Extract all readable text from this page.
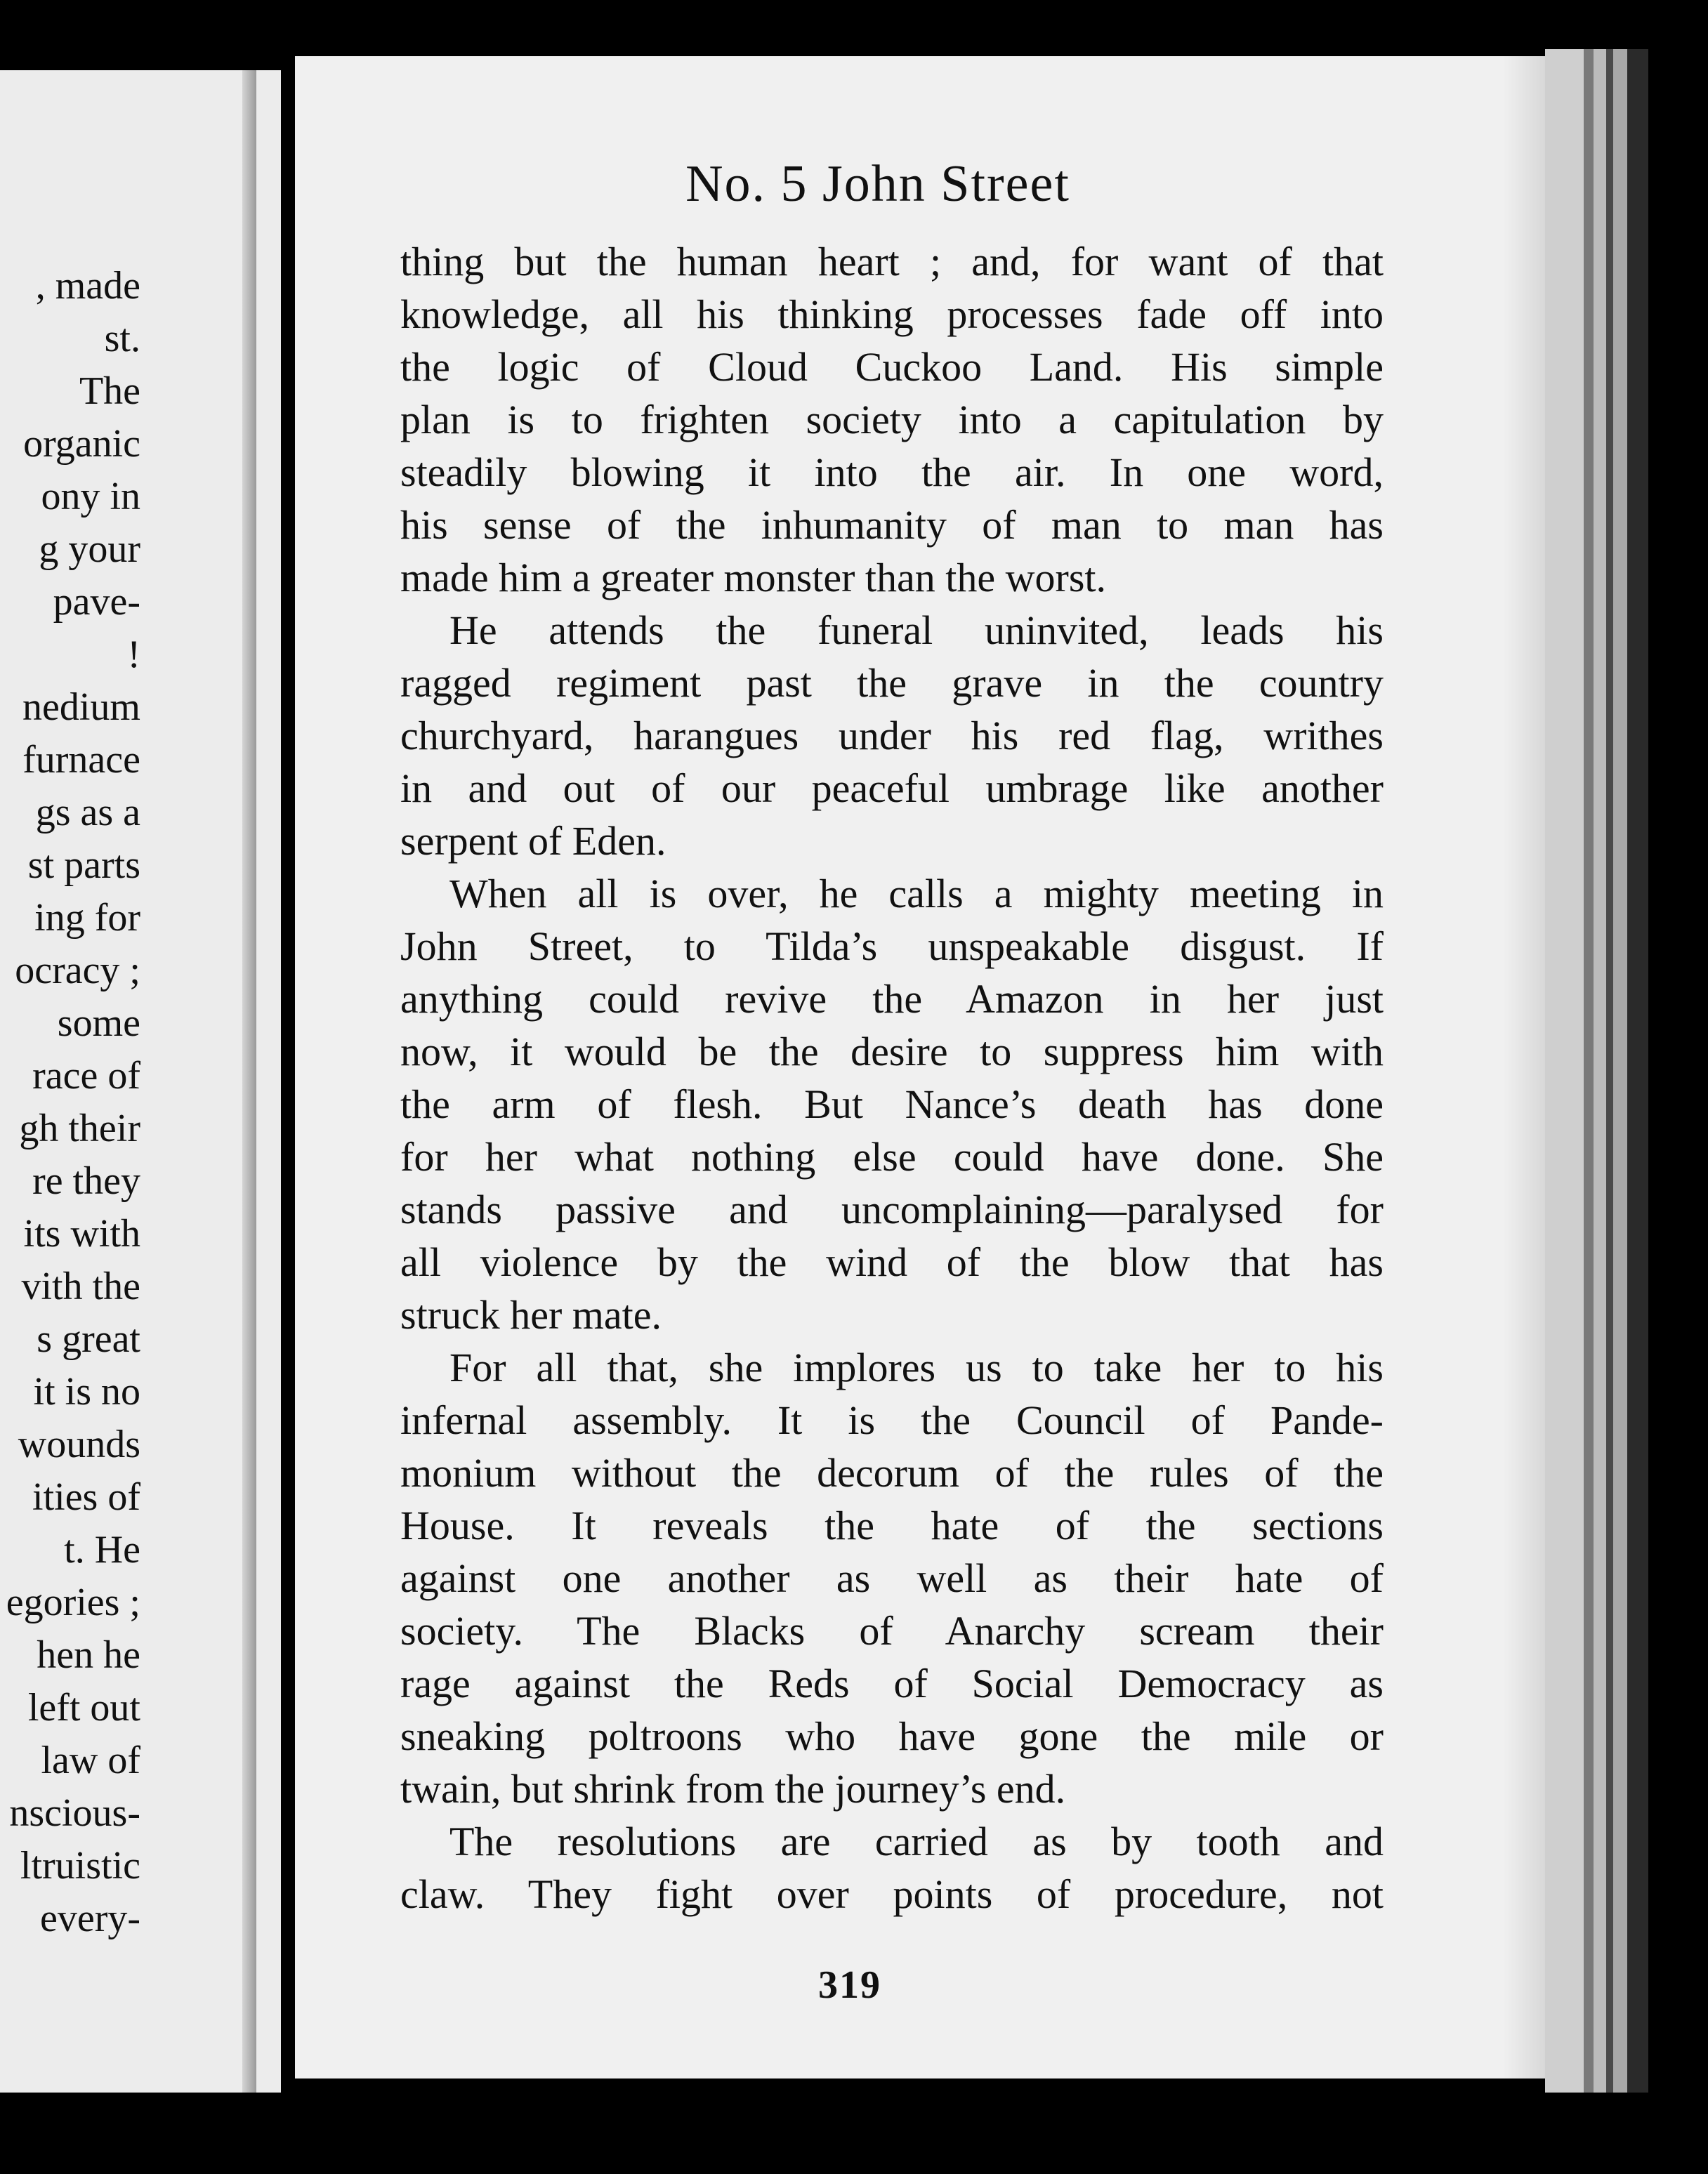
, made
st.
The
organic
ony in
g your
pave-
!
nedium
furnace
gs as a
st parts
ing for
ocracy ;
some
race of
gh their
re they
its with
vith the
s great
it is no
wounds
ities of
t. He
egories ;
hen he
left out
law of
nscious-
ltruistic
every-
No. 5 John Street
thing but the human heart ; and, for want of that
knowledge, all his thinking processes fade off into
the logic of Cloud Cuckoo Land. His simple
plan is to frighten society into a capitulation by
steadily blowing it into the air. In one word,
his sense of the inhumanity of man to man has
made him a greater monster than the worst.
He attends the funeral uninvited, leads his
ragged regiment past the grave in the country
churchyard, harangues under his red flag, writhes
in and out of our peaceful umbrage like another
serpent of Eden.
When all is over, he calls a mighty meeting in
John Street, to Tilda’s unspeakable disgust. If
anything could revive the Amazon in her just
now, it would be the desire to suppress him with
the arm of flesh. But Nance’s death has done
for her what nothing else could have done. She
stands passive and uncomplaining—paralysed for
all violence by the wind of the blow that has
struck her mate.
For all that, she implores us to take her to his
infernal assembly. It is the Council of Pande-
monium without the decorum of the rules of the
House. It reveals the hate of the sections
against one another as well as their hate of
society. The Blacks of Anarchy scream their
rage against the Reds of Social Democracy as
sneaking poltroons who have gone the mile or
twain, but shrink from the journey’s end.
The resolutions are carried as by tooth and
claw. They fight over points of procedure, not
319
